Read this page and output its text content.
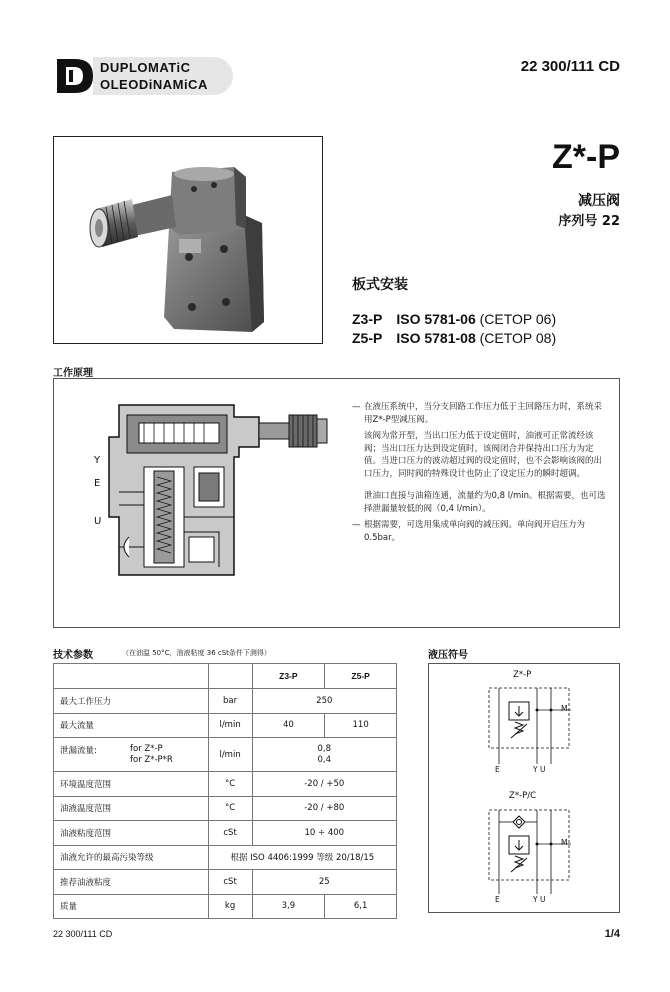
DUPLOMATiC
OLEODiNAMiCA
22 300/111 CD
Z*-P
减压阀
序列号 22
板式安装
Z3-P ISO 5781-06 (CETOP 06)
Z5-P ISO 5781-08 (CETOP 08)
工作原理
Y
E
U
— 在液压系统中，当分支回路工作压力低于主回路压力时，系统采用Z*-P型减压阀。
该阀为常开型，当出口压力低于设定值时，油液可正常流经该阀；当出口压力达到设定值时，该阀闭合并保持出口压力为定值。当进口压力的波动超过阀的设定值时，也不会影响该阀的出口压力，同时阀的特殊设计也防止了设定压力的瞬时超调。
泄油口直接与油箱连通，流量约为0,8 l/min。根据需要，也可选择泄漏量较低的阀（0,4 l/min）。
— 根据需要，可选用集成单向阀的减压阀。单向阀开启压力为0.5bar。
技术参数	（在油温 50°C，油液粘度 36 cSt条件下测得）
		Z3-P	Z5-P
最大工作压力	bar	250	
最大流量	l/min	40	110

泄漏流量: for Z*-P
for Z*-P*R	l/min	0,8
0,4	

环境温度范围	°C	-20 / +50	
油液温度范围	°C	-20 / +80	
油液粘度范围	cSt	10 ÷ 400	
油液允许的最高污染等级	根据 ISO 4406:1999 等级 20/18/15		
推荐油液粘度	cSt	25	
质量	kg	3,9	6,1
液压符号
Z*-P
M
E	Y U
Z*-P/C
M
E	Y U
22 300/111 CD	1/4
